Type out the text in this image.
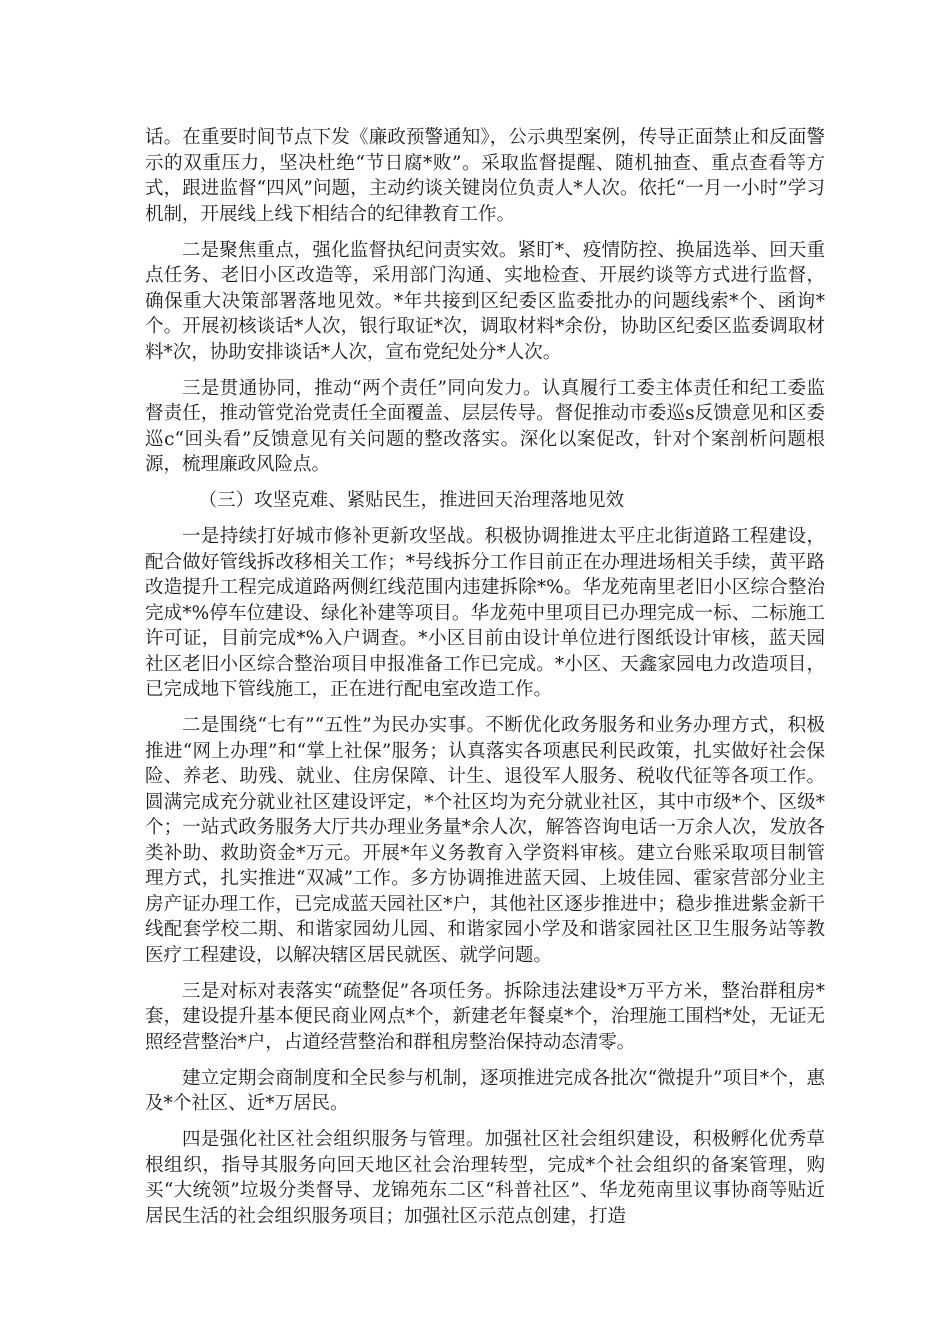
话。在重要时间节点下发《廉政预警通知》，公示典型案例，传导正面禁止和反面警示的双重压力，坚决杜绝“节日腐*败”。采取监督提醒、随机抽查、重点查看等方式，跟进监督“四风”问题，主动约谈关键岗位负责人*人次。依托“一月一小时”学习机制，开展线上线下相结合的纪律教育工作。

二是聚焦重点，强化监督执纪问责实效。紧盯*、疫情防控、换届选举、回天重点任务、老旧小区改造等，采用部门沟通、实地检查、开展约谈等方式进行监督，确保重大决策部署落地见效。*年共接到区纪委区监委批办的问题线索*个、函询*个。开展初核谈话*人次，银行取证*次，调取材料*余份，协助区纪委区监委调取材料*次，协助安排谈话*人次，宣布党纪处分*人次。

三是贯通协同，推动“两个责任”同向发力。认真履行工委主体责任和纪工委监督责任，推动管党治党责任全面覆盖、层层传导。督促推动市委巡s反馈意见和区委巡c“回头看”反馈意见有关问题的整改落实。深化以案促改，针对个案剖析问题根源，梳理廉政风险点。

（三）攻坚克难、紧贴民生，推进回天治理落地见效

一是持续打好城市修补更新攻坚战。积极协调推进太平庄北街道路工程建设，配合做好管线拆改移相关工作；*号线拆分工作目前正在办理进场相关手续，黄平路改造提升工程完成道路两侧红线范围内违建拆除*%。华龙苑南里老旧小区综合整治完成*%停车位建设、绿化补建等项目。华龙苑中里项目已办理完成一标、二标施工许可证，目前完成*%入户调查。*小区目前由设计单位进行图纸设计审核，蓝天园社区老旧小区综合整治项目申报准备工作已完成。*小区、天鑫家园电力改造项目，已完成地下管线施工，正在进行配电室改造工作。

二是围绕“七有”“五性”为民办实事。不断优化政务服务和业务办理方式，积极推进“网上办理”和“掌上社保”服务；认真落实各项惠民利民政策，扎实做好社会保险、养老、助残、就业、住房保障、计生、退役军人服务、税收代征等各项工作。圆满完成充分就业社区建设评定，*个社区均为充分就业社区，其中市级*个、区级*个；一站式政务服务大厅共办理业务量*余人次，解答咨询电话一万余人次，发放各类补助、救助资金*万元。开展*年义务教育入学资料审核。建立台账采取项目制管理方式，扎实推进“双减”工作。多方协调推进蓝天园、上坡佳园、霍家营部分业主房产证办理工作，已完成蓝天园社区*户，其他社区逐步推进中；稳步推进紫金新干线配套学校二期、和谐家园幼儿园、和谐家园小学及和谐家园社区卫生服务站等教医疗工程建设，以解决辖区居民就医、就学问题。

三是对标对表落实“疏整促”各项任务。拆除违法建设*万平方米，整治群租房*套，建设提升基本便民商业网点*个，新建老年餐桌*个，治理施工围档*处，无证无照经营整治*户，占道经营整治和群租房整治保持动态清零。

建立定期会商制度和全民参与机制，逐项推进完成各批次“微提升”项目*个，惠及*个社区、近*万居民。

四是强化社区社会组织服务与管理。加强社区社会组织建设，积极孵化优秀草根组织，指导其服务向回天地区社会治理转型，完成*个社会组织的备案管理，购买“大统领”垃圾分类督导、龙锦苑东二区“科普社区”、华龙苑南里议事协商等贴近居民生活的社会组织服务项目；加强社区示范点创建，打造
